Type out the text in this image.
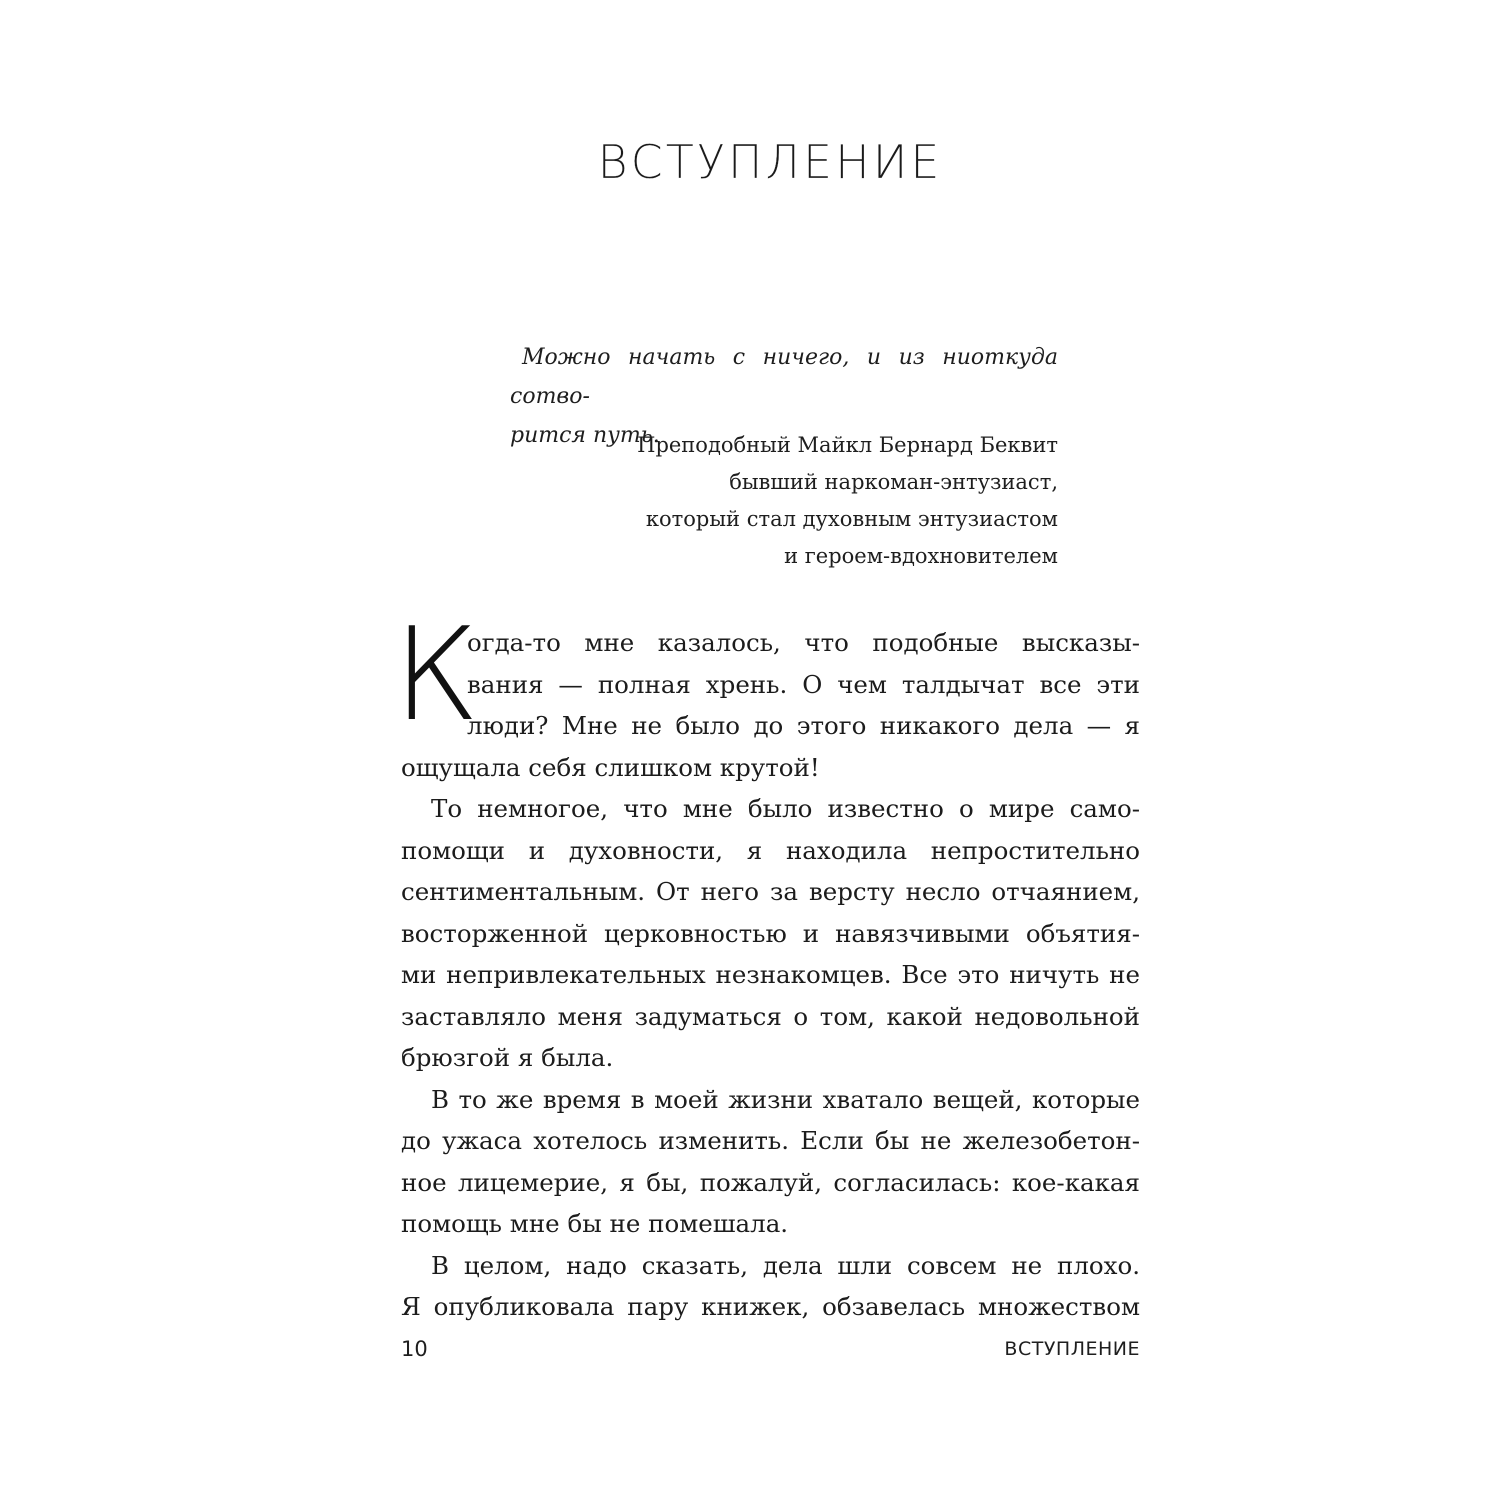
ВСТУПЛЕНИЕ
Можно начать с ничего, и из ниоткуда сотво-
рится путь.
Преподобный Майкл Бернард Беквит
бывший наркоман-энтузиаст,
который стал духовным энтузиастом
и героем-вдохновителем
К
огда-то мне казалось, что подобные высказы-
вания — полная хрень. О чем талдычат все эти
люди? Мне не было до этого никакого дела — я
ощущала себя слишком крутой!
То немногое, что мне было известно о мире само-
помощи и духовности, я находила непростительно
сентиментальным. От него за версту несло отчаянием,
восторженной церковностью и навязчивыми объятия-
ми непривлекательных незнакомцев. Все это ничуть не
заставляло меня задуматься о том, какой недовольной
брюзгой я была.
В то же время в моей жизни хватало вещей, которые
до ужаса хотелось изменить. Если бы не железобетон-
ное лицемерие, я бы, пожалуй, согласилась: кое-какая
помощь мне бы не помешала.
В целом, надо сказать, дела шли совсем не плохо.
Я опубликовала пару книжек, обзавелась множеством
10	ВСТУПЛЕНИЕ
